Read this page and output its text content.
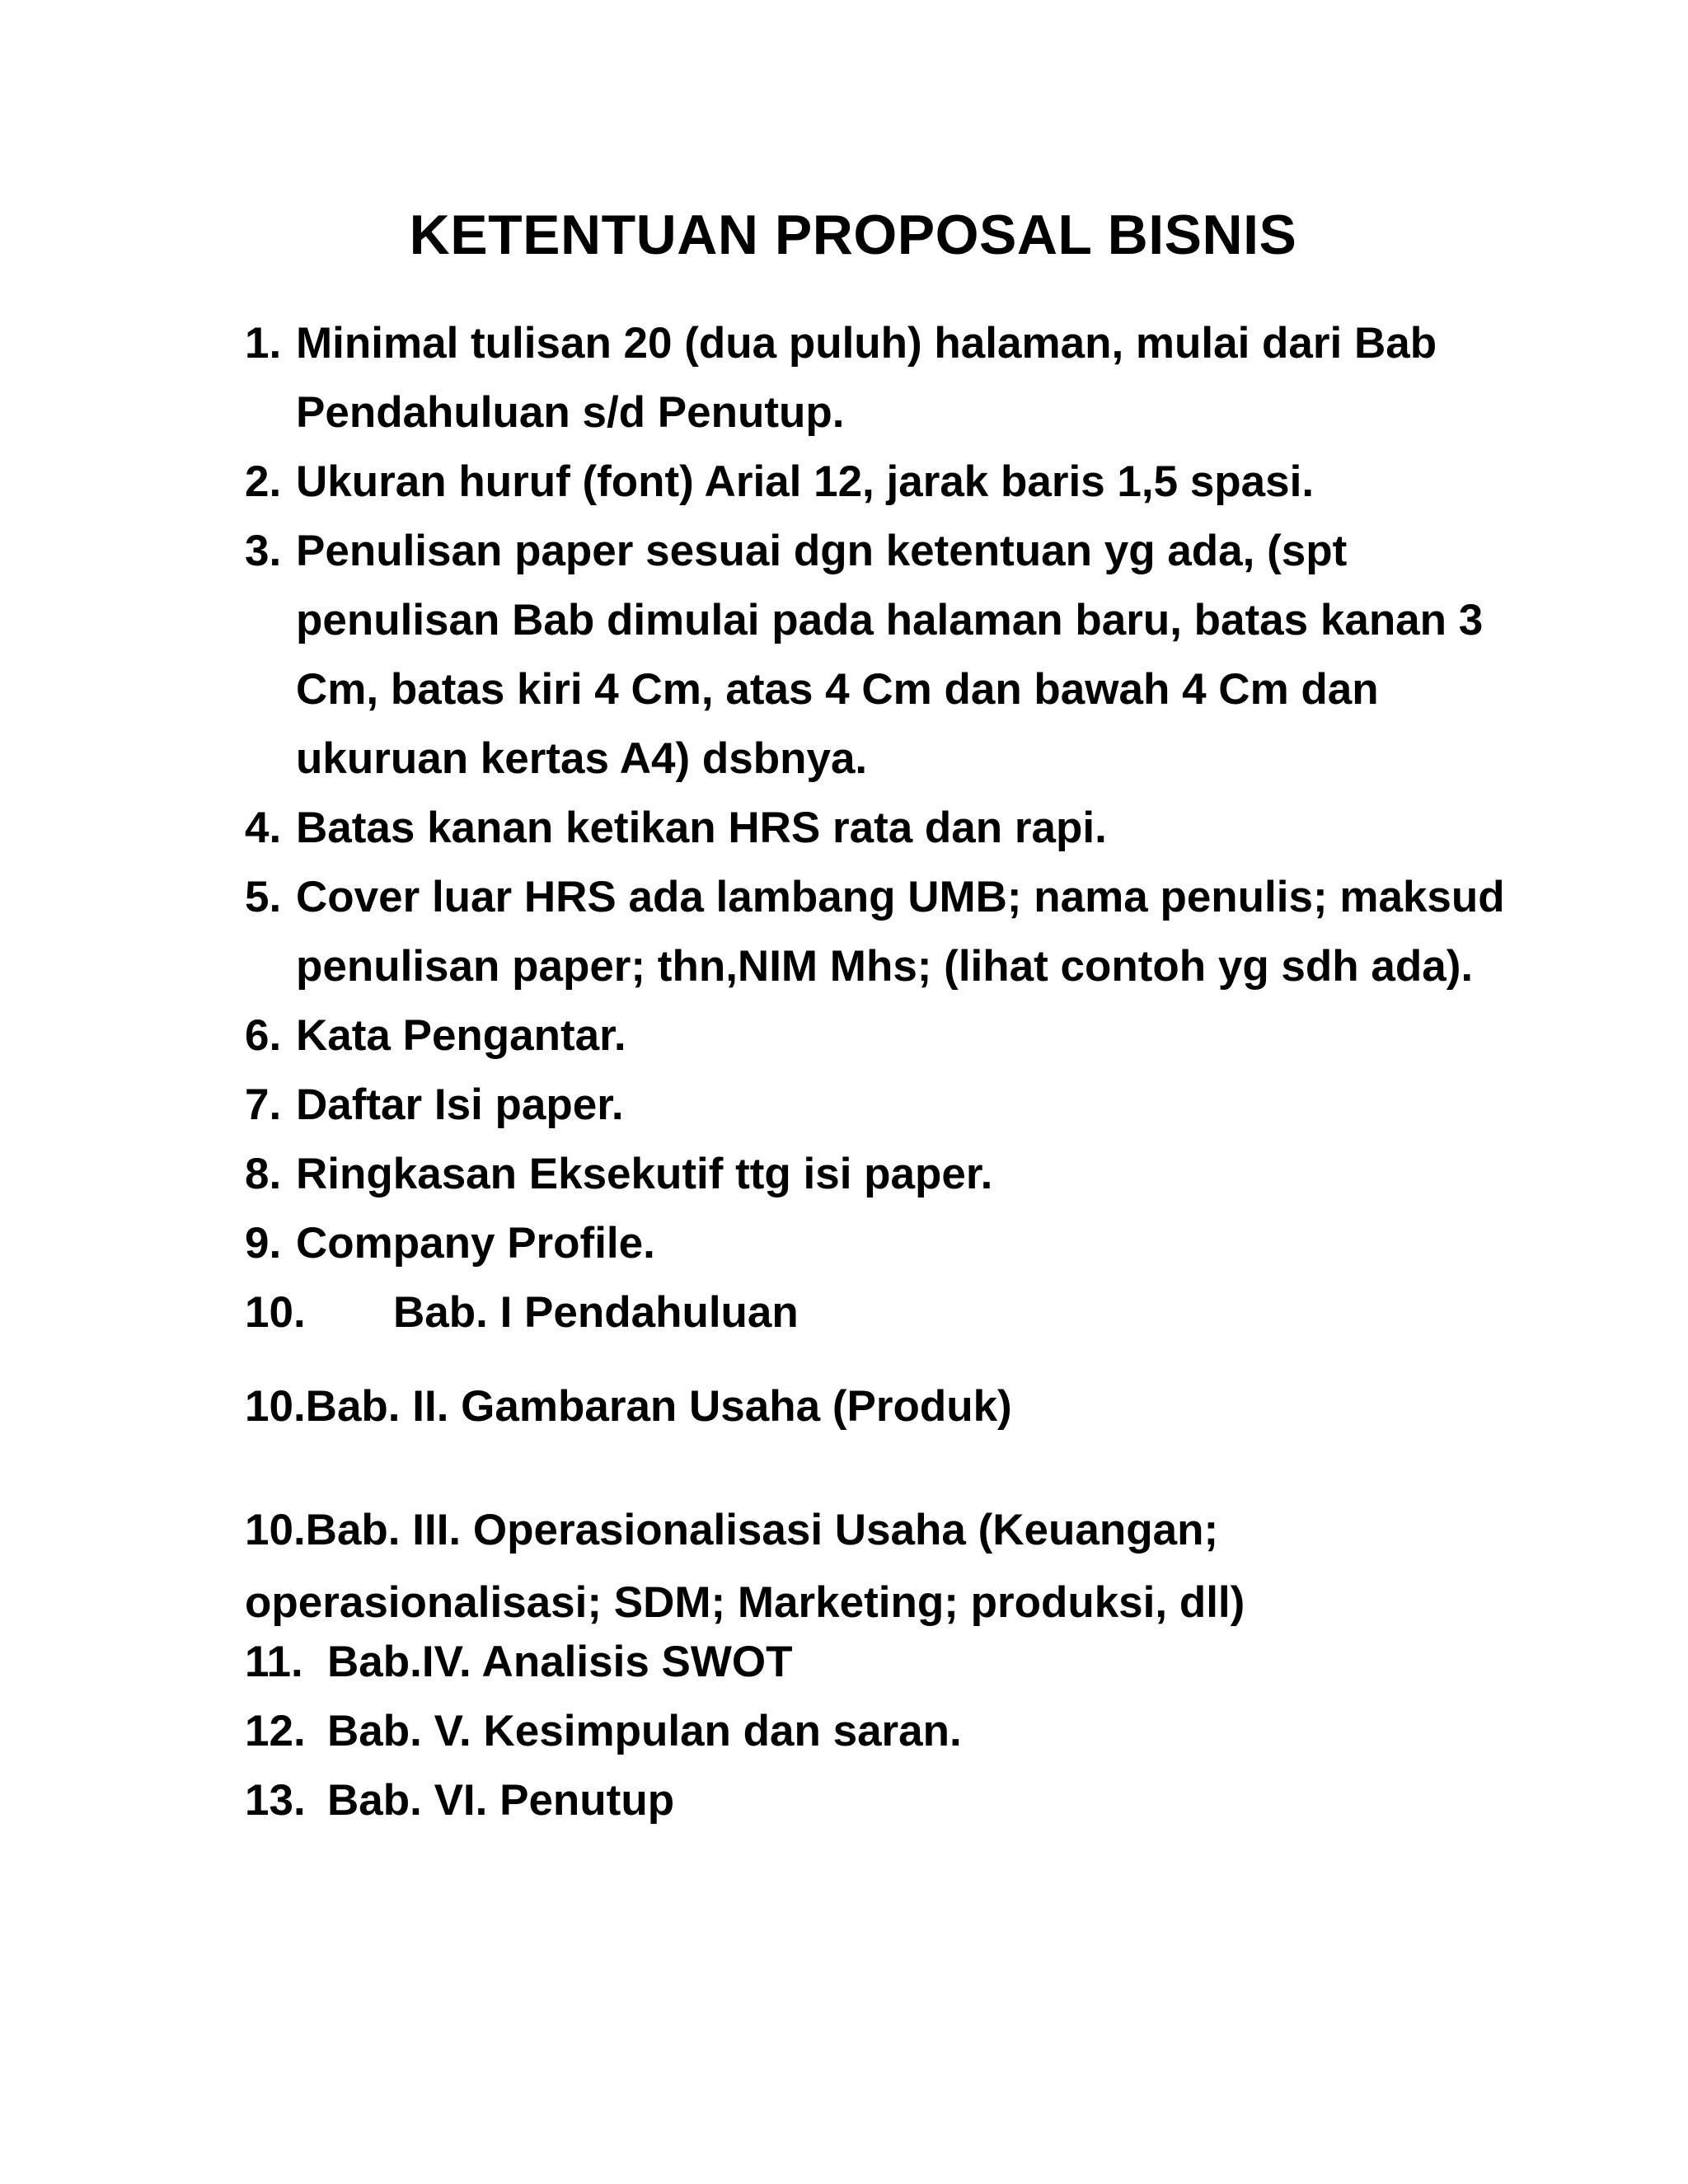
KETENTUAN PROPOSAL BISNIS
1. Minimal tulisan 20 (dua puluh) halaman, mulai dari Bab
Pendahuluan s/d Penutup.
2. Ukuran huruf (font) Arial 12, jarak baris 1,5 spasi.
3. Penulisan paper sesuai dgn ketentuan yg ada, (spt
penulisan Bab dimulai pada halaman baru, batas kanan 3
Cm, batas kiri 4 Cm, atas 4 Cm dan bawah 4 Cm dan
ukuruan kertas A4) dsbnya.
4. Batas kanan ketikan HRS rata dan rapi.
5. Cover luar HRS ada lambang UMB; nama penulis; maksud
penulisan paper; thn,NIM Mhs; (lihat contoh yg sdh ada).
6. Kata Pengantar.
7. Daftar Isi paper.
8. Ringkasan Eksekutif ttg isi paper.
9. Company Profile.
10.	Bab. I Pendahuluan
10.Bab. II. Gambaran Usaha (Produk)
10.Bab. III. Operasionalisasi Usaha (Keuangan;
operasionalisasi; SDM; Marketing; produksi, dll)
11. Bab.IV. Analisis SWOT
12. Bab. V. Kesimpulan dan saran.
13. Bab. VI. Penutup
